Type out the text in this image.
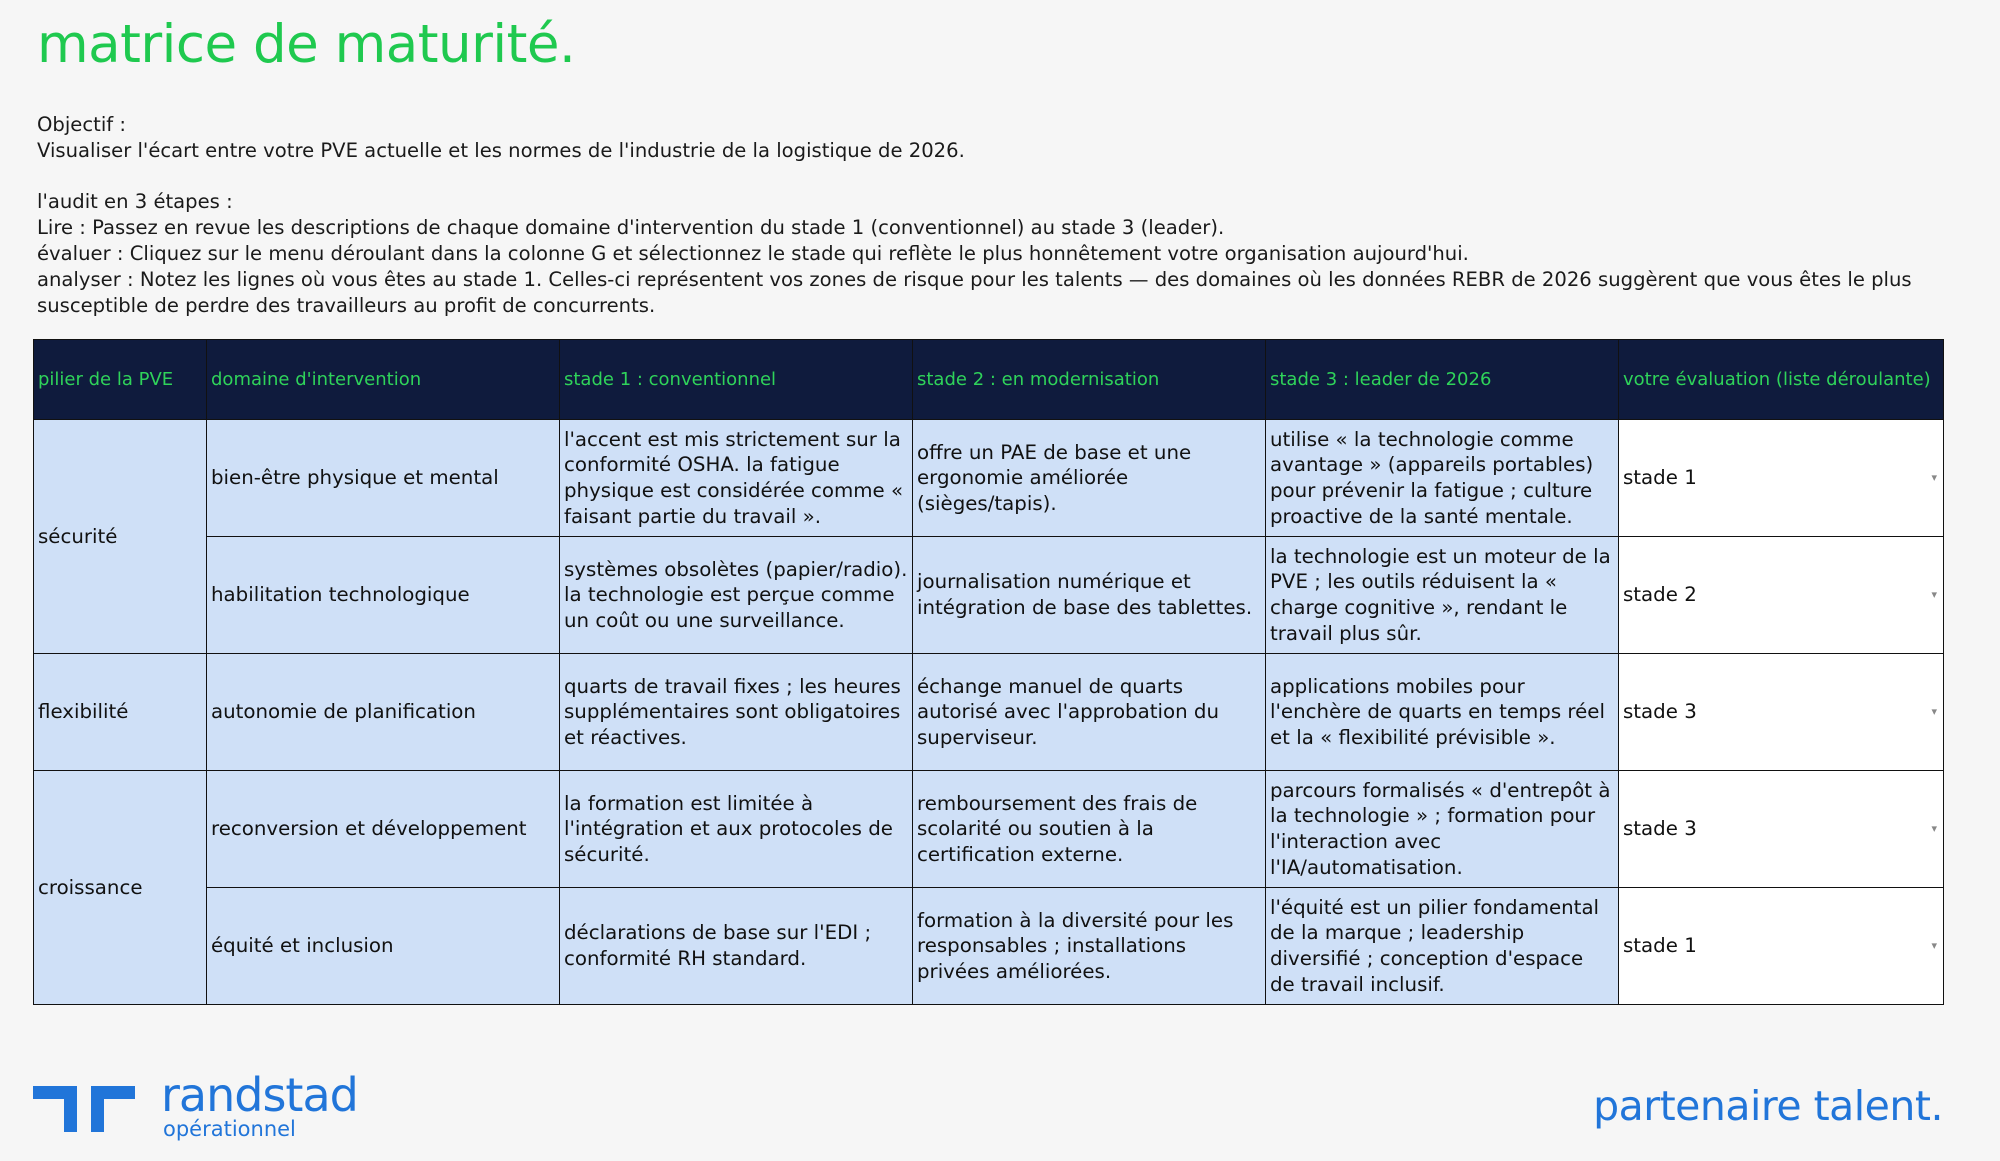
matrice de maturité.
Objectif :
Visualiser l'écart entre votre PVE actuelle et les normes de l'industrie de la logistique de 2026.
l'audit en 3 étapes :
Lire : Passez en revue les descriptions de chaque domaine d'intervention du stade 1 (conventionnel) au stade 3 (leader).
évaluer : Cliquez sur le menu déroulant dans la colonne G et sélectionnez le stade qui reflète le plus honnêtement votre organisation aujourd'hui.
analyser : Notez les lignes où vous êtes au stade 1. Celles-ci représentent vos zones de risque pour les talents — des domaines où les données REBR de 2026 suggèrent que vous êtes le plus susceptible de perdre des travailleurs au profit de concurrents.
pilier de la PVE	domaine d'intervention	stade 1 : conventionnel	stade 2 : en modernisation	stade 3 : leader de 2026	votre évaluation (liste déroulante)
sécurité	bien-être physique et mental	l'accent est mis strictement sur la conformité OSHA. la fatigue physique est considérée comme « faisant partie du travail ».	offre un PAE de base et une ergonomie améliorée (sièges/tapis).	utilise « la technologie comme avantage » (appareils portables) pour prévenir la fatigue ; culture proactive de la santé mentale.	stade 1 ▾

	habilitation technologique	systèmes obsolètes (papier/radio). la technologie est perçue comme un coût ou une surveillance.	journalisation numérique et intégration de base des tablettes.	la technologie est un moteur de la PVE ; les outils réduisent la « charge cognitive », rendant le travail plus sûr.	stade 2 ▾

flexibilité	autonomie de planification	quarts de travail fixes ; les heures supplémentaires sont obligatoires et réactives.	échange manuel de quarts autorisé avec l'approbation du superviseur.	applications mobiles pour l'enchère de quarts en temps réel et la « flexibilité prévisible ».	stade 3 ▾

croissance	reconversion et développement	la formation est limitée à l'intégration et aux protocoles de sécurité.	remboursement des frais de scolarité ou soutien à la certification externe.	parcours formalisés « d'entrepôt à la technologie » ; formation pour l'interaction avec l'IA/automatisation.	stade 3 ▾

	équité et inclusion	déclarations de base sur l'EDI ; conformité RH standard.	formation à la diversité pour les responsables ; installations privées améliorées.	l'équité est un pilier fondamental de la marque ; leadership diversifié ; conception d'espace de travail inclusif.	stade 1 ▾
randstad
opérationnel	partenaire talent.
